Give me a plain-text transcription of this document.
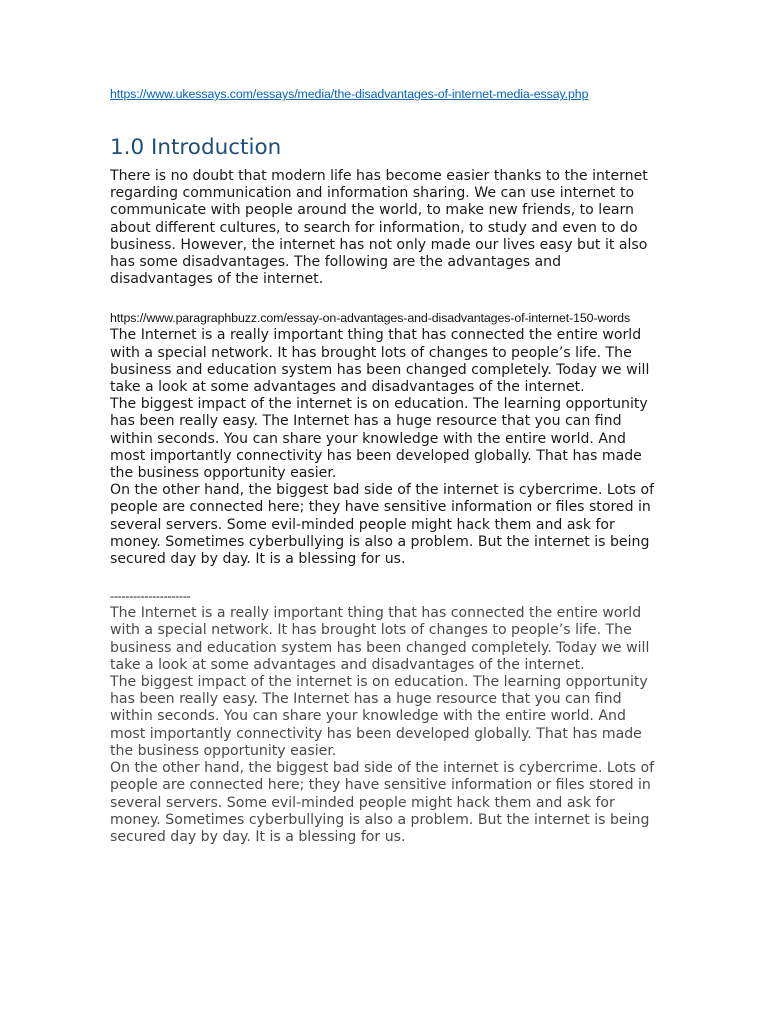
https://www.ukessays.com/essays/media/the-disadvantages-of-internet-media-essay.php
1.0 Introduction

There is no doubt that modern life has become easier thanks to the internet regarding communication and information sharing. We can use internet to communicate with people around the world, to make new friends, to learn about different cultures, to search for information, to study and even to do business. However, the internet has not only made our lives easy but it also has some disadvantages. The following are the advantages and disadvantages of the internet.

https://www.paragraphbuzz.com/essay-on-advantages-and-disadvantages-of-internet-150-words

The Internet is a really important thing that has connected the entire world with a special network. It has brought lots of changes to people’s life. The business and education system has been changed completely. Today we will take a look at some advantages and disadvantages of the internet.

The biggest impact of the internet is on education. The learning opportunity has been really easy. The Internet has a huge resource that you can find within seconds. You can share your knowledge with the entire world. And most importantly connectivity has been developed globally. That has made the business opportunity easier.

On the other hand, the biggest bad side of the internet is cybercrime. Lots of people are connected here; they have sensitive information or files stored in several servers. Some evil-minded people might hack them and ask for money. Sometimes cyberbullying is also a problem. But the internet is being secured day by day. It is a blessing for us.

---------------------

The Internet is a really important thing that has connected the entire world with a special network. It has brought lots of changes to people’s life. The business and education system has been changed completely. Today we will take a look at some advantages and disadvantages of the internet.

The biggest impact of the internet is on education. The learning opportunity has been really easy. The Internet has a huge resource that you can find within seconds. You can share your knowledge with the entire world. And most importantly connectivity has been developed globally. That has made the business opportunity easier.

On the other hand, the biggest bad side of the internet is cybercrime. Lots of people are connected here; they have sensitive information or files stored in several servers. Some evil-minded people might hack them and ask for money. Sometimes cyberbullying is also a problem. But the internet is being secured day by day. It is a blessing for us.
